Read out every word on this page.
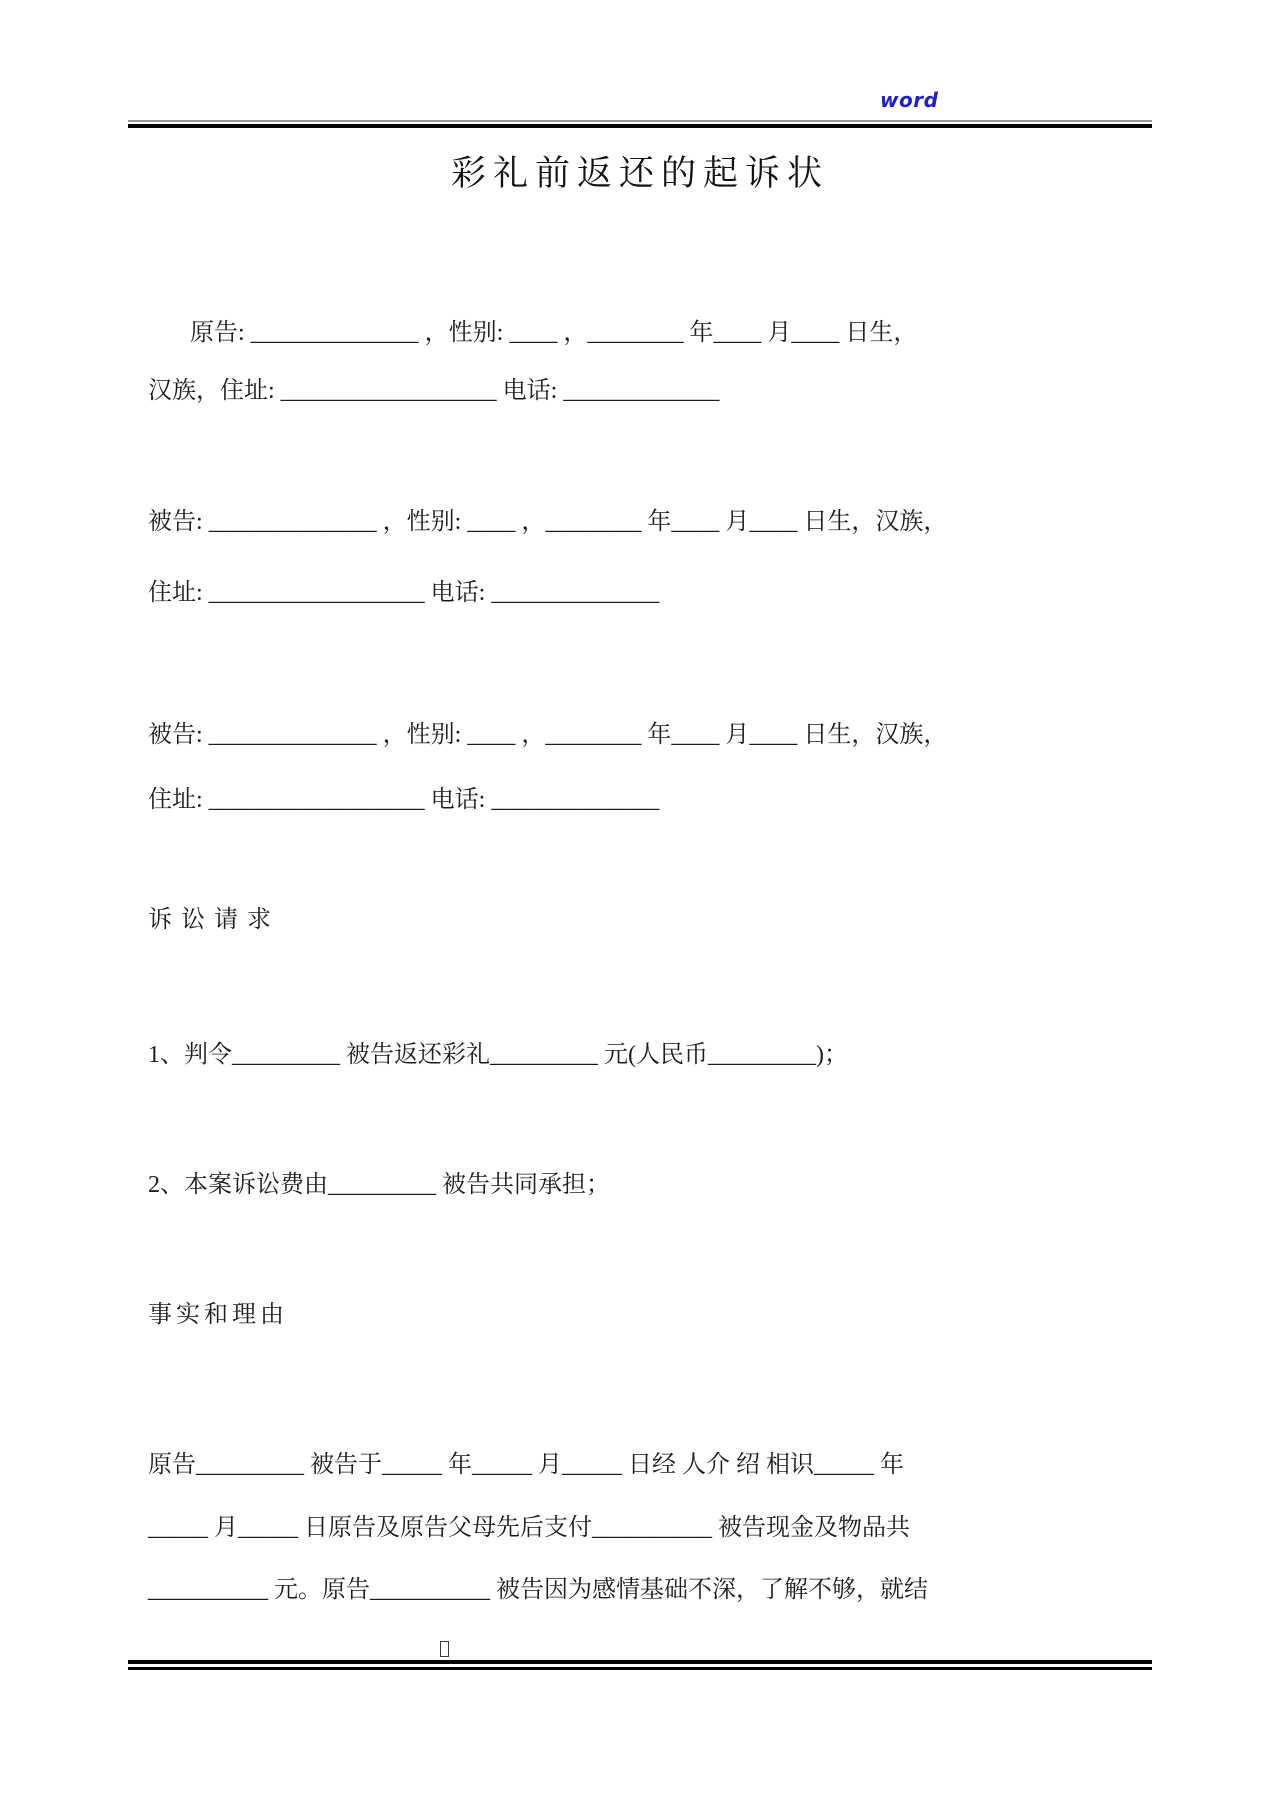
word
彩礼前返还的起诉状
原告: ______________ ，性别: ____ ，________ 年____ 月____ 日生，
汉族，住址: __________________ 电话: _____________
被告: ______________ ，性别: ____ ，________ 年____ 月____ 日生，汉族，
住址: __________________ 电话: ______________
被告: ______________ ，性别: ____ ，________ 年____ 月____ 日生，汉族，
住址: __________________ 电话: ______________
诉讼请求
1、判令_________ 被告返还彩礼_________ 元(人民币_________)；
2、本案诉讼费由_________ 被告共同承担；
事实和理由
原告_________ 被告于_____ 年_____ 月_____ 日经 人介 绍 相识_____ 年
_____ 月_____ 日原告及原告父母先后支付__________ 被告现金及物品共
__________ 元。原告__________ 被告因为感情基础不深，了解不够，就结
